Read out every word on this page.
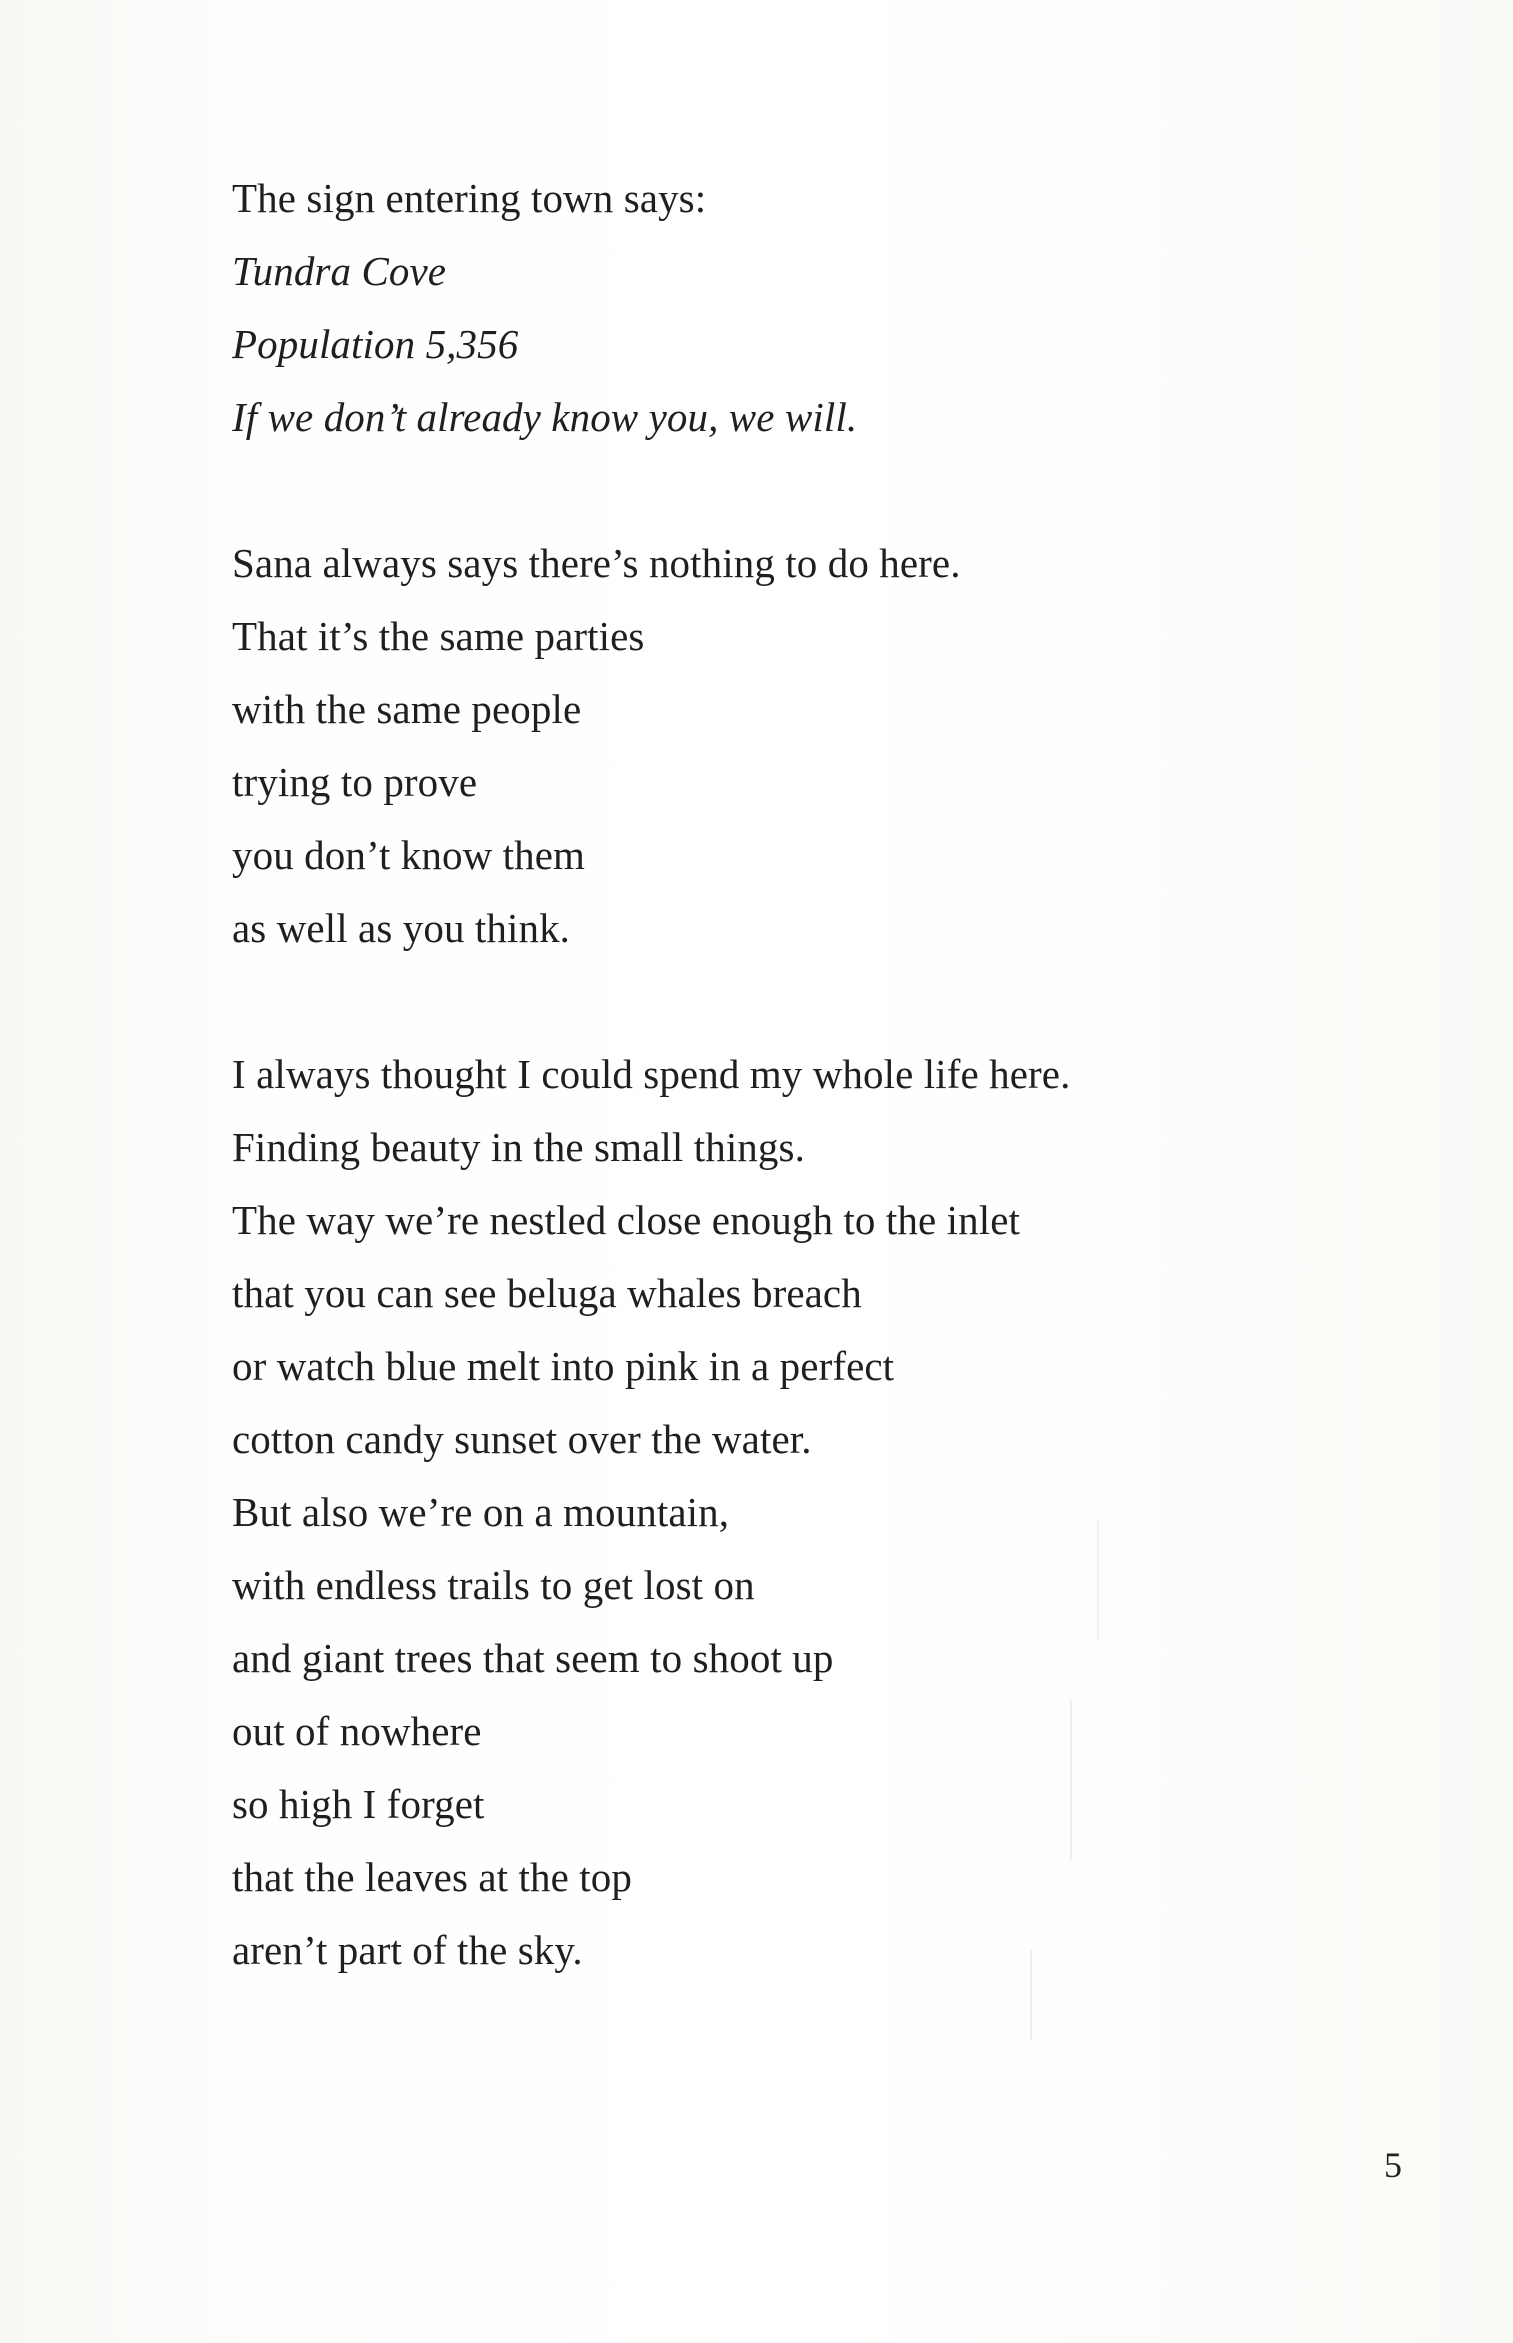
The sign entering town says:
Tundra Cove
Population 5,356
If we don’t already know you, we will.
Sana always says there’s nothing to do here.
That it’s the same parties
with the same people
trying to prove
you don’t know them
as well as you think.
I always thought I could spend my whole life here.
Finding beauty in the small things.
The way we’re nestled close enough to the inlet
that you can see beluga whales breach
or watch blue melt into pink in a perfect
cotton candy sunset over the water.
But also we’re on a mountain,
with endless trails to get lost on
and giant trees that seem to shoot up
out of nowhere
so high I forget
that the leaves at the top
aren’t part of the sky.
5
